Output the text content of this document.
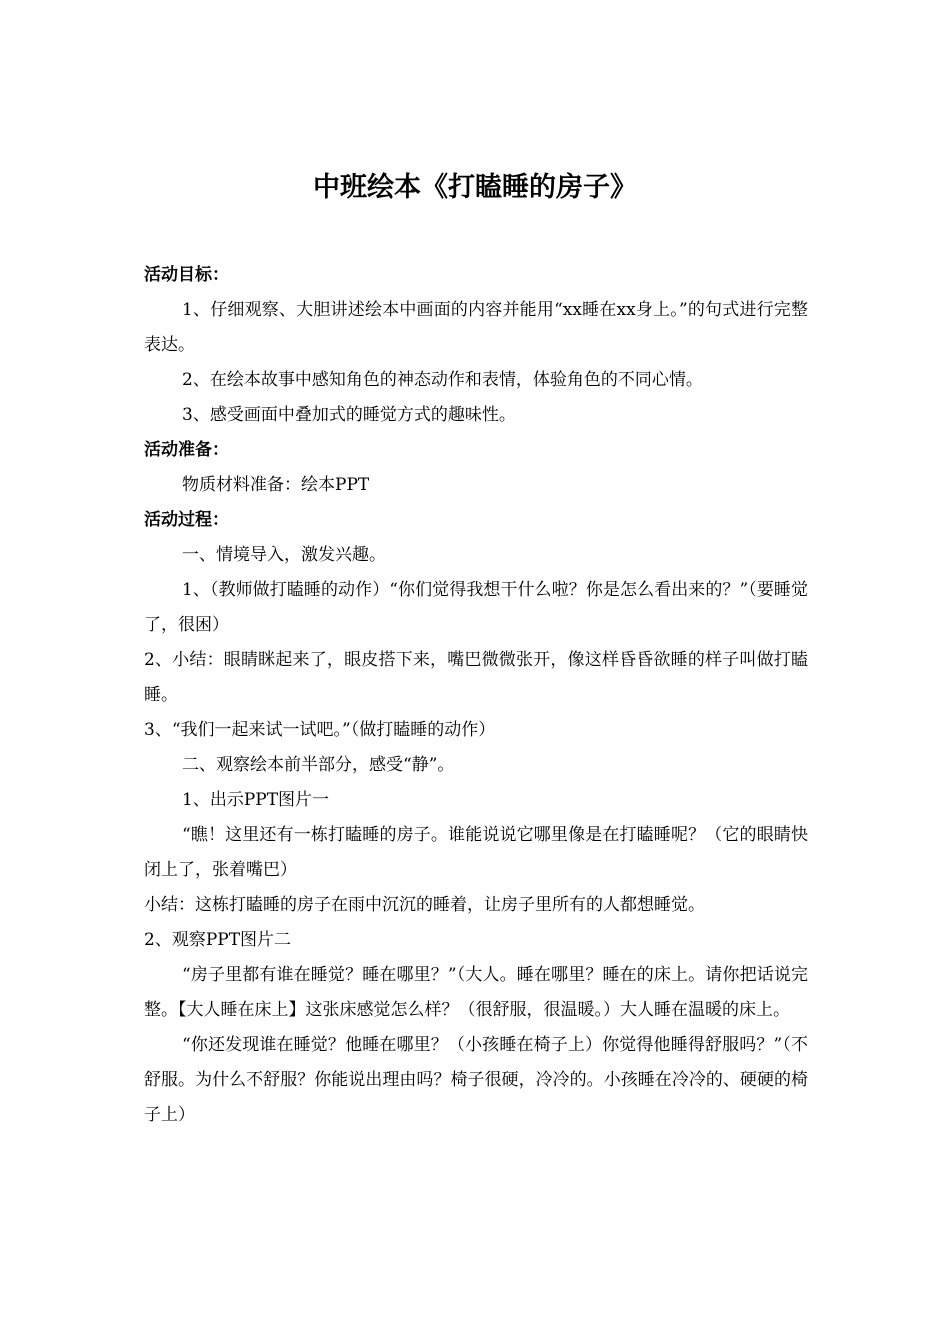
中班绘本《打瞌睡的房子》

活动目标：

1、仔细观察、大胆讲述绘本中画面的内容并能用“xx睡在xx身上。”的句式进行完整表达。

2、在绘本故事中感知角色的神态动作和表情，体验角色的不同心情。

3、感受画面中叠加式的睡觉方式的趣味性。

活动准备：

物质材料准备：绘本PPT

活动过程：

一、情境导入，激发兴趣。

1、（教师做打瞌睡的动作）“你们觉得我想干什么啦？你是怎么看出来的？”（要睡觉了，很困）

2、小结：眼睛眯起来了，眼皮搭下来，嘴巴微微张开，像这样昏昏欲睡的样子叫做打瞌睡。

3、“我们一起来试一试吧。”（做打瞌睡的动作）

二、观察绘本前半部分，感受“静”。

1、出示PPT图片一

“瞧！这里还有一栋打瞌睡的房子。谁能说说它哪里像是在打瞌睡呢？（它的眼睛快闭上了，张着嘴巴）

小结：这栋打瞌睡的房子在雨中沉沉的睡着，让房子里所有的人都想睡觉。

2、观察PPT图片二

“房子里都有谁在睡觉？睡在哪里？”（大人。睡在哪里？睡在的床上。请你把话说完整。【大人睡在床上】这张床感觉怎么样？（很舒服，很温暖。）大人睡在温暖的床上。

“你还发现谁在睡觉？他睡在哪里？（小孩睡在椅子上）你觉得他睡得舒服吗？”（不舒服。为什么不舒服？你能说出理由吗？椅子很硬，冷冷的。小孩睡在冷冷的、硬硬的椅子上）
